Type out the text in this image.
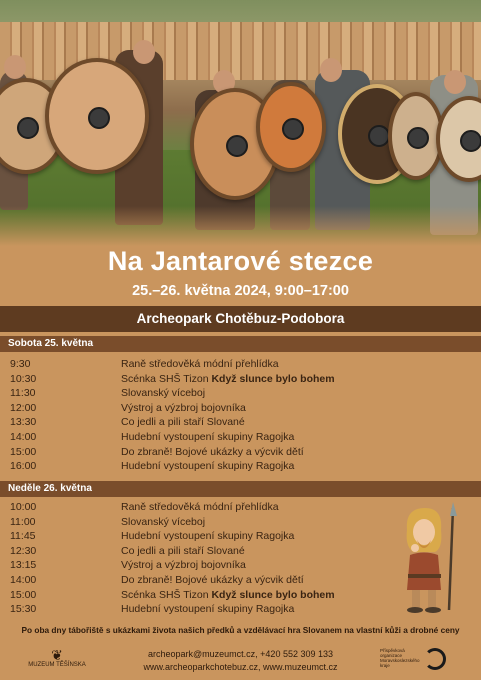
Na Jantarové stezce
25.–26. května 2024, 9:00–17:00
Archeopark Chotěbuz-Podobora
Sobota 25. května
9:30	Raně středověká módní přehlídka
10:30	Scénka SHŠ Tizon Když slunce bylo bohem
11:30	Slovanský víceboj
12:00	Výstroj a výzbroj bojovníka
13:30	Co jedli a pili staří Slované
14:00	Hudební vystoupení skupiny Ragojka
15:00	Do zbraně! Bojové ukázky a výcvik dětí
16:00	Hudební vystoupení skupiny Ragojka
Neděle 26. května
10:00	Raně středověká módní přehlídka
11:00	Slovanský víceboj
11:45	Hudební vystoupení skupiny Ragojka
12:30	Co jedli a pili staří Slované
13:15	Výstroj a výzbroj bojovníka
14:00	Do zbraně! Bojové ukázky a výcvik dětí
15:00	Scénka SHŠ Tizon Když slunce bylo bohem
15:30	Hudební vystoupení skupiny Ragojka
Po oba dny tábořiště s ukázkami života našich předků a vzdělávací hra Slovanem na vlastní kůži a drobné ceny
❦
MUZEUM TĚŠÍNSKA
archeopark@muzeumct.cz, +420 552 309 133
www.archeoparkchotebuz.cz, www.muzeumct.cz
Příspěvková organizace Moravskoslezského kraje
